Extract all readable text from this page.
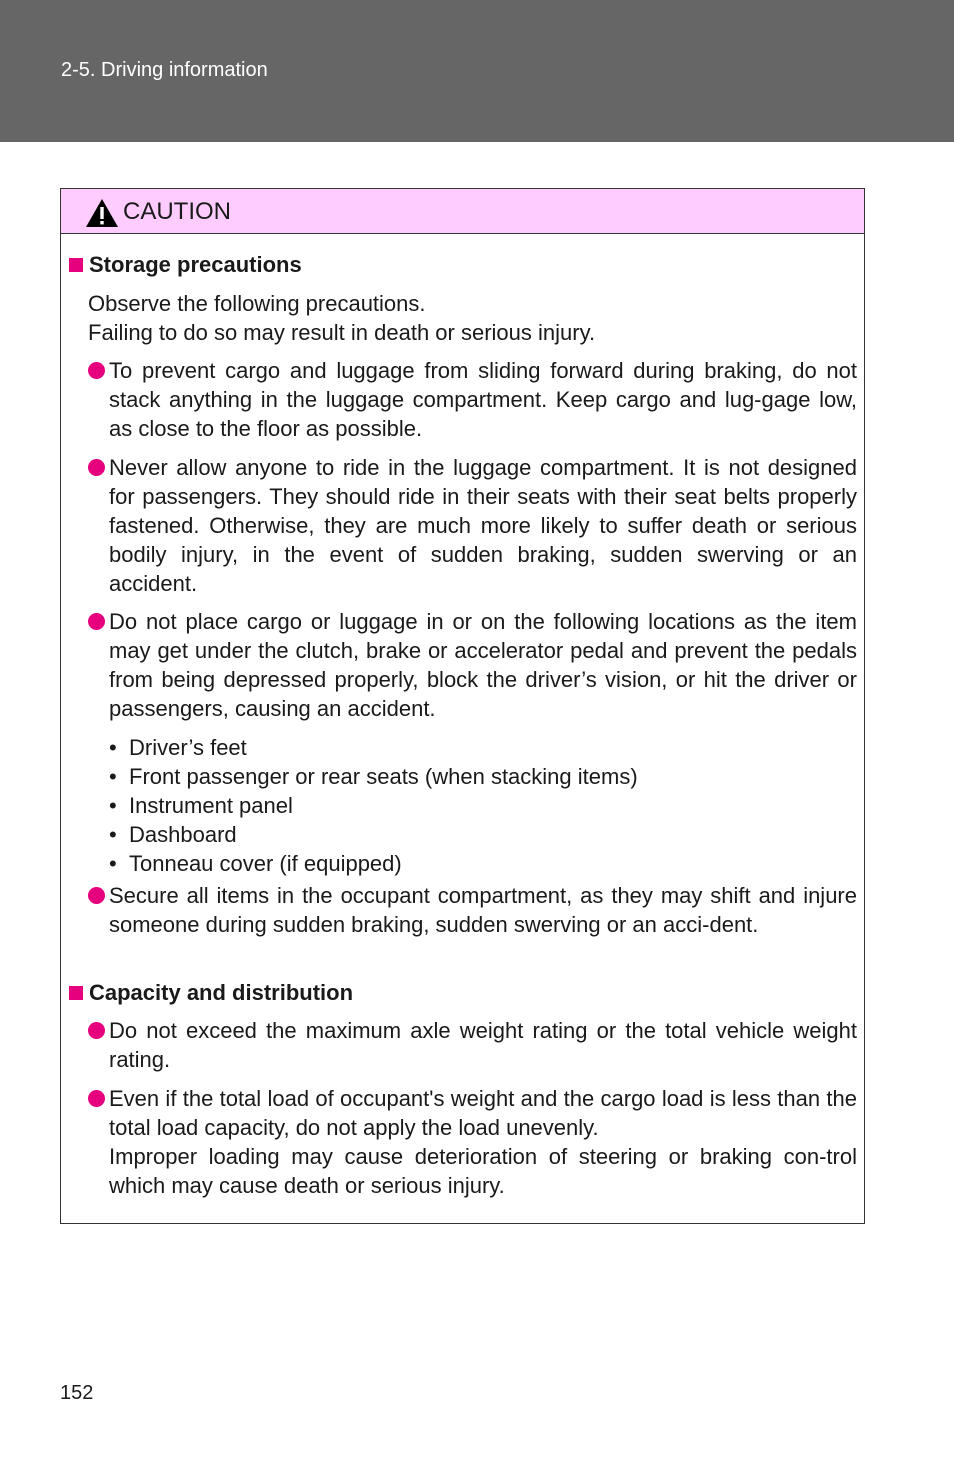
2-5. Driving information
CAUTION
Storage precautions
Observe the following precautions.
Failing to do so may result in death or serious injury.
To prevent cargo and luggage from sliding forward during braking, do not stack anything in the luggage compartment. Keep cargo and lug-gage low, as close to the floor as possible.
Never allow anyone to ride in the luggage compartment. It is not designed for passengers. They should ride in their seats with their seat belts properly fastened. Otherwise, they are much more likely to suffer death or serious bodily injury, in the event of sudden braking, sudden swerving or an accident.
Do not place cargo or luggage in or on the following locations as the item may get under the clutch, brake or accelerator pedal and prevent the pedals from being depressed properly, block the driver’s vision, or hit the driver or passengers, causing an accident.
• Driver’s feet
• Front passenger or rear seats (when stacking items)
• Instrument panel
• Dashboard
• Tonneau cover (if equipped)
Secure all items in the occupant compartment, as they may shift and injure someone during sudden braking, sudden swerving or an acci-dent.
Capacity and distribution
Do not exceed the maximum axle weight rating or the total vehicle weight rating.
Even if the total load of occupant's weight and the cargo load is less than the total load capacity, do not apply the load unevenly.
Improper loading may cause deterioration of steering or braking con-trol which may cause death or serious injury.
152
